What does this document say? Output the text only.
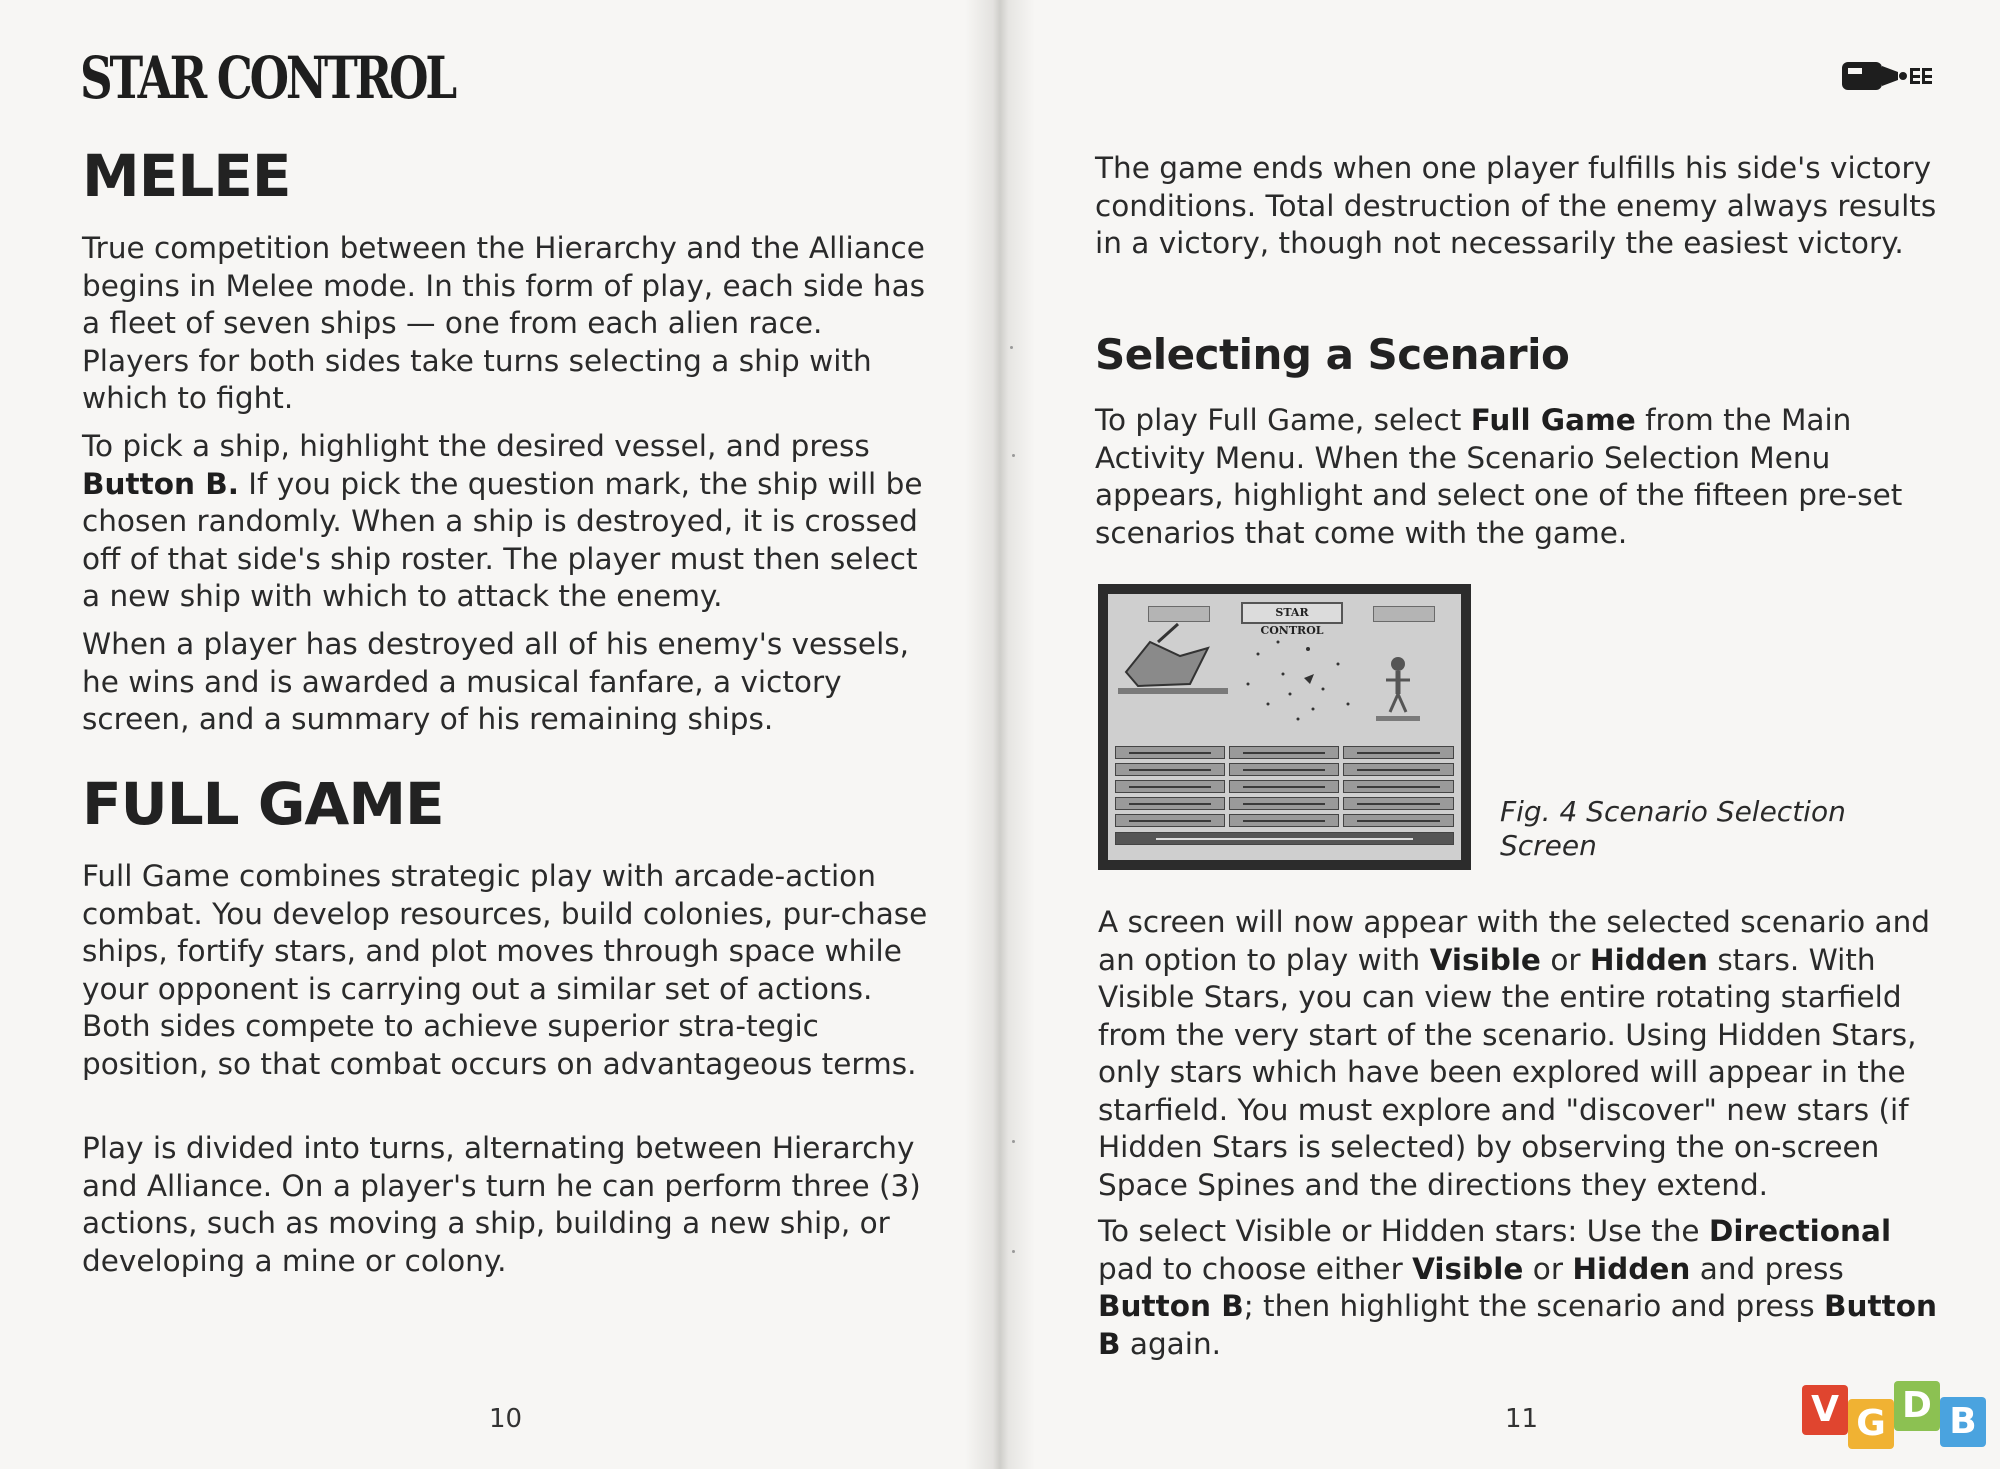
STAR CONTROL
MELEE

True competition between the Hierarchy and the Alliance begins in Melee mode. In this form of play, each side has a fleet of seven ships — one from each alien race. Players for both sides take turns selecting a ship with which to fight.

To pick a ship, highlight the desired vessel, and press
Button B. If you pick the question mark, the ship will be chosen randomly. When a ship is destroyed, it is crossed off of that side's ship roster. The player must then select a new ship with which to attack the enemy.

When a player has destroyed all of his enemy's vessels, he wins and is awarded a musical fanfare, a victory screen, and a summary of his remaining ships.

FULL GAME

Full Game combines strategic play with arcade-action combat. You develop resources, build colonies, pur-chase ships, fortify stars, and plot moves through space while your opponent is carrying out a similar set of actions. Both sides compete to achieve superior stra-tegic position, so that combat occurs on advantageous terms.

Play is divided into turns, alternating between Hierarchy and Alliance. On a player's turn he can perform three (3) actions, such as moving a ship, building a new ship, or developing a mine or colony.

10

The game ends when one player fulfills his side's victory conditions. Total destruction of the enemy always results in a victory, though not necessarily the easiest victory.

Selecting a Scenario

To play Full Game, select Full Game from the Main Activity Menu. When the Scenario Selection Menu appears, highlight and select one of the fifteen pre-set scenarios that come with the game.

STAR CONTROL

Fig. 4 Scenario Selection Screen

A screen will now appear with the selected scenario and an option to play with Visible or Hidden stars. With Visible Stars, you can view the entire rotating starfield from the very start of the scenario. Using Hidden Stars, only stars which have been explored will appear in the starfield. You must explore and "discover" new stars (if Hidden Stars is selected) by observing the on-screen Space Spines and the directions they extend.

To select Visible or Hidden stars: Use the Directional pad to choose either Visible or Hidden and press Button B; then highlight the scenario and press Button B again.

11	V G D B
